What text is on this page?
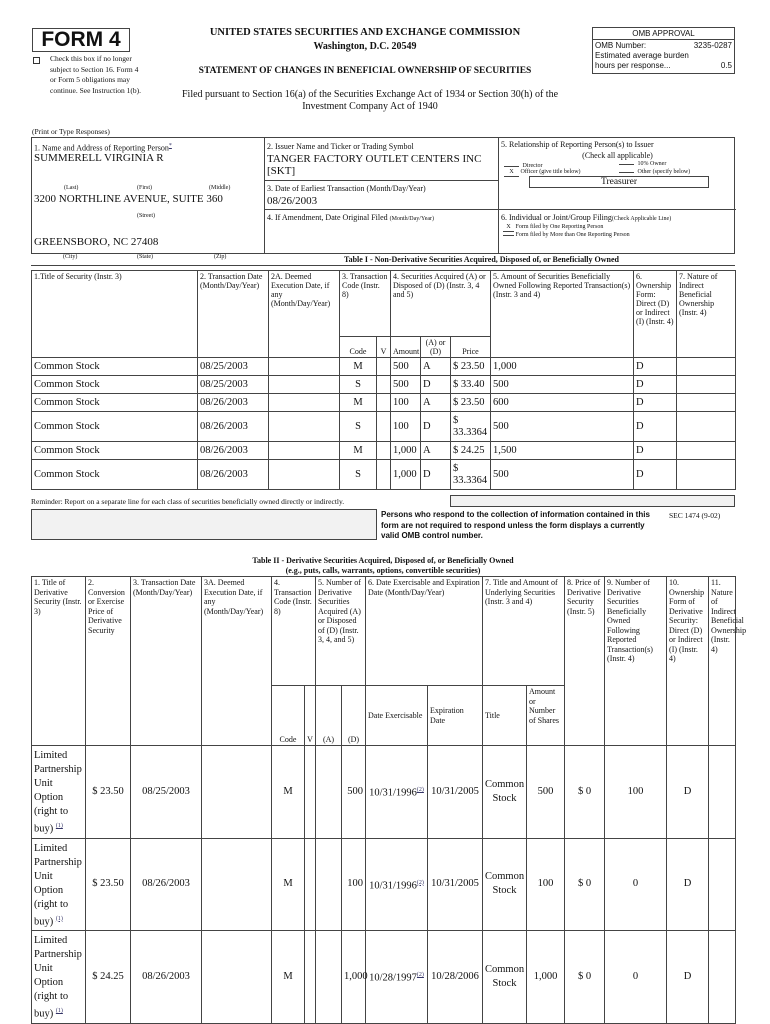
FORM 4
Check this box if no longer subject to Section 16. Form 4 or Form 5 obligations may continue. See Instruction 1(b).
UNITED STATES SECURITIES AND EXCHANGE COMMISSION
Washington, D.C. 20549
STATEMENT OF CHANGES IN BENEFICIAL OWNERSHIP OF SECURITIES
Filed pursuant to Section 16(a) of the Securities Exchange Act of 1934 or Section 30(h) of the Investment Company Act of 1940
OMB APPROVAL
OMB Number:	3235-0287
Estimated average burden hours per response...	0.5
(Print or Type Responses)
1. Name and Address of Reporting Person*
SUMMERELL VIRGINIA R
(Last)	(First)	(Middle)
3200 NORTHLINE AVENUE, SUITE 360
(Street)
GREENSBORO, NC 27408
2. Issuer Name and Ticker or Trading Symbol
TANGER FACTORY OUTLET CENTERS INC [SKT]
3. Date of Earliest Transaction (Month/Day/Year)
08/26/2003
4. If Amendment, Date Original Filed (Month/Day/Year)
5. Relationship of Reporting Person(s) to Issuer
(Check all applicable)
Director	10% Owner
X Officer (give title below)	Other (specify below)
Treasurer
6. Individual or Joint/Group Filing(Check Applicable Line)
X Form filed by One Reporting Person
Form filed by More than One Reporting Person
(City)	(State)	(Zip)	Table I - Non-Derivative Securities Acquired, Disposed of, or Beneficially Owned
1.Title of Security (Instr. 3)	2. Transaction Date (Month/Day/Year)	2A. Deemed Execution Date, if any (Month/Day/Year)	3. Transaction Code (Instr. 8)		4. Securities Acquired (A) or Disposed of (D) (Instr. 3, 4 and 5)			5. Amount of Securities Beneficially Owned Following Reported Transaction(s) (Instr. 3 and 4)	6. Ownership Form: Direct (D) or Indirect (I) (Instr. 4)	7. Nature of Indirect Beneficial Ownership (Instr. 4)
			Code	V	Amount	(A) or (D)	Price			
Common Stock	08/25/2003		M		500	A	$ 23.50	1,000	D	
Common Stock	08/25/2003		S		500	D	$ 33.40	500	D	
Common Stock	08/26/2003		M		100	A	$ 23.50	600	D	
Common Stock	08/26/2003		S		100	D	$ 33.3364	500	D	
Common Stock	08/26/2003		M		1,000	A	$ 24.25	1,500	D	
Common Stock	08/26/2003		S		1,000	D	$ 33.3364	500	D	
Reminder: Report on a separate line for each class of securities beneficially owned directly or indirectly.
Persons who respond to the collection of information contained in this form are not required to respond unless the form displays a currently valid OMB control number.
SEC 1474 (9-02)
Table II - Derivative Securities Acquired, Disposed of, or Beneficially Owned
(e.g., puts, calls, warrants, options, convertible securities)
1. Title of Derivative Security (Instr. 3)	2. Conversion or Exercise Price of Derivative Security	3. Transaction Date (Month/Day/Year)	3A. Deemed Execution Date, if any (Month/Day/Year)	4. Transaction Code (Instr. 8)		5. Number of Derivative Securities Acquired (A) or Disposed of (D) (Instr. 3, 4, and 5)		6. Date Exercisable and Expiration Date (Month/Day/Year)		7. Title and Amount of Underlying Securities (Instr. 3 and 4)		8. Price of Derivative Security (Instr. 5)	9. Number of Derivative Securities Beneficially Owned Following Reported Transaction(s) (Instr. 4)	10. Ownership Form of Derivative Security: Direct (D) or Indirect (I) (Instr. 4)	11. Nature of Indirect Beneficial Ownership (Instr. 4)
				Code	V	(A)	(D)	Date Exercisable	Expiration Date	Title	Amount or Number of Shares				
Limited Partnership Unit Option (right to buy) $^{(1)}$	$ 23.50	08/25/2003		M			500	10/31/1996$^{(2)}$	10/31/2005	Common Stock	500	$ 0	100	D	
Limited Partnership Unit Option (right to buy) $^{(1)}$	$ 23.50	08/26/2003		M			100	10/31/1996$^{(2)}$	10/31/2005	Common Stock	100	$ 0	0	D	
Limited Partnership Unit Option (right to buy) $^{(1)}$	$ 24.25	08/26/2003		M			1,000	10/28/1997$^{(2)}$	10/28/2006	Common Stock	1,000	$ 0	0	D	
